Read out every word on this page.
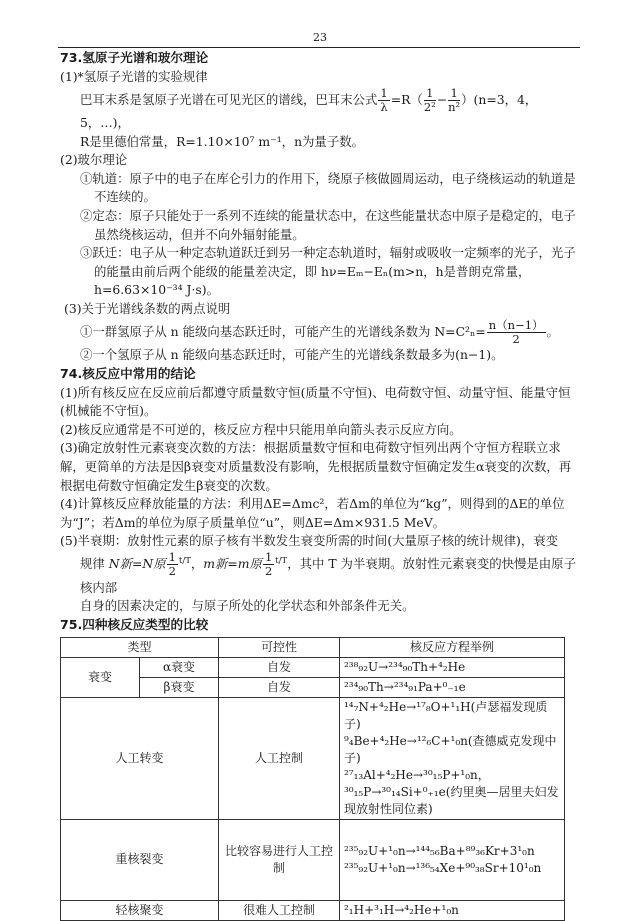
23

73.氢原子光谱和玻尔理论

(1)*氢原子光谱的实验规律

巴耳末系是氢原子光谱在可见光区的谱线，巴耳末公式 $\frac{1}{\lambda} =R( \frac{1}{\text{2²}} - \frac{1}{\text{n²}} )(n=3$，4，5，…)，

R是里德伯常量，R=1.10×10⁷ m⁻¹，n为量子数。

(2)玻尔理论

①轨道：原子中的电子在库仑引力的作用下，绕原子核做圆周运动，电子绕核运动的轨道是不连续的。

②定态：原子只能处于一系列不连续的能量状态中，在这些能量状态中原子是稳定的，电子虽然绕核运动，但并不向外辐射能量。

③跃迁：电子从一种定态轨道跃迁到另一种定态轨道时，辐射或吸收一定频率的光子，光子的能量由前后两个能级的能量差决定，即 hν=Eₘ−Eₙ(m>n，h是普朗克常量，h=6.63×10⁻³⁴ J·s)。

(3)关于光谱线条数的两点说明

①一群氢原子从 n 能级向基态跃迁时，可能产生的光谱线条数为 $N=C^2_n= \frac{n(n-1)}{2}$ 。

②一个氢原子从 n 能级向基态跃迁时，可能产生的光谱线条数最多为(n−1)。

74.核反应中常用的结论

(1)所有核反应在反应前后都遵守质量数守恒(质量不守恒)、电荷数守恒、动量守恒、能量守恒(机械能不守恒)。

(2)核反应通常是不可逆的，核反应方程中只能用单向箭头表示反应方向。

(3)确定放射性元素衰变次数的方法：根据质量数守恒和电荷数守恒列出两个守恒方程联立求解，更简单的方法是因β衰变对质量数没有影响，先根据质量数守恒确定发生α衰变的次数，再根据电荷数守恒确定发生β衰变的次数。

(4)计算核反应释放能量的方法：利用ΔE=Δmc²，若Δm的单位为“kg”，则得到的ΔE的单位为“J”；若Δm的单位为原子质量单位“u”，则ΔE=Δm×931.5 MeV。

(5)半衰期：放射性元素的原子核有半数发生衰变所需的时间(大量原子核的统计规律)，衰变

规律 N新=N原 $\frac{1}{2} ^{t/T}$，m新=m原 $\frac{1}{2} ^{t/T}$，其中 T 为半衰期。放射性元素衰变的快慢是由原子核内部

自身的因素决定的，与原子所处的化学状态和外部条件无关。

75.四种核反应类型的比较

类型		可控性	核反应方程举例
衰变	α衰变	自发	²³⁸₉₂U→²³⁴₉₀Th+⁴₂He
	β衰变	自发	²³⁴₉₀Th→²³⁴₉₁Pa+⁰₋₁e
人工转变		人工控制	¹⁴₇N+⁴₂He→¹⁷₈O+¹₁H(卢瑟福发现质子)
⁹₄Be+⁴₂He→¹²₆C+¹₀n(查德威克发现中子)
²⁷₁₃Al+⁴₂He→³⁰₁₅P+¹₀n，
³⁰₁₅P→³⁰₁₄Si+⁰₊₁e(约里奥—居里夫妇发现放射性同位素)

重核裂变		比较容易进行人工控制	²³⁵₉₂U+¹₀n→¹⁴⁴₅₆Ba+⁸⁹₃₆Kr+3¹₀n
²³⁵₉₂U+¹₀n→¹³⁶₅₄Xe+⁹⁰₃₈Sr+10¹₀n

轻核聚变		很难人工控制	²₁H+³₁H→⁴₂He+¹₀n
